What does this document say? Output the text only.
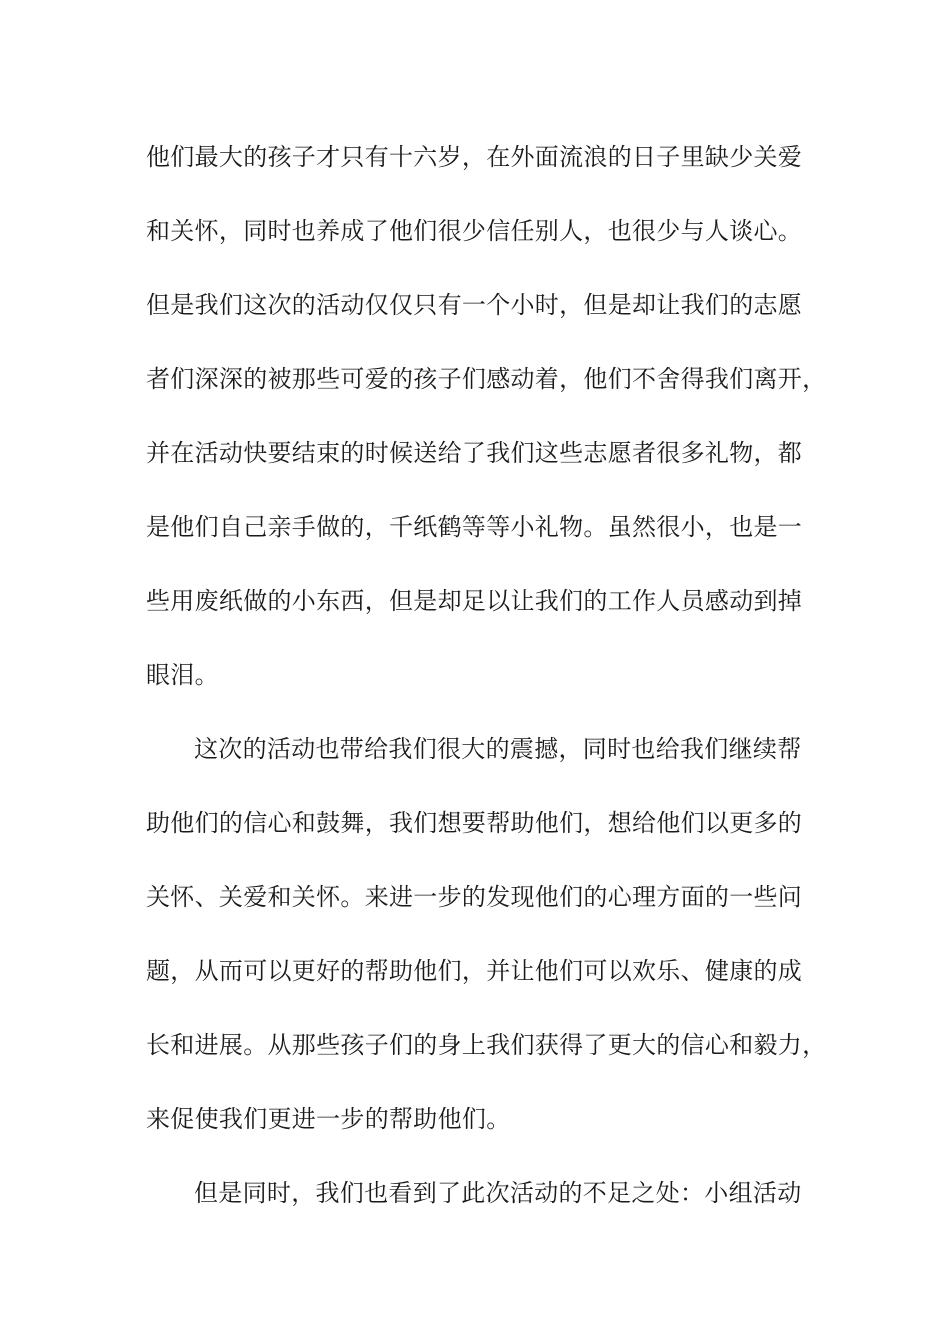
他们最大的孩子才只有十六岁，在外面流浪的日子里缺少关爱
和关怀，同时也养成了他们很少信任别人，也很少与人谈心。
但是我们这次的活动仅仅只有一个小时，但是却让我们的志愿
者们深深的被那些可爱的孩子们感动着，他们不舍得我们离开，
并在活动快要结束的时候送给了我们这些志愿者很多礼物，都
是他们自己亲手做的，千纸鹤等等小礼物。虽然很小，也是一
些用废纸做的小东西，但是却足以让我们的工作人员感动到掉
眼泪。
这次的活动也带给我们很大的震撼，同时也给我们继续帮
助他们的信心和鼓舞，我们想要帮助他们，想给他们以更多的
关怀、关爱和关怀。来进一步的发现他们的心理方面的一些问
题，从而可以更好的帮助他们，并让他们可以欢乐、健康的成
长和进展。从那些孩子们的身上我们获得了更大的信心和毅力，
来促使我们更进一步的帮助他们。
但是同时，我们也看到了此次活动的不足之处：小组活动
